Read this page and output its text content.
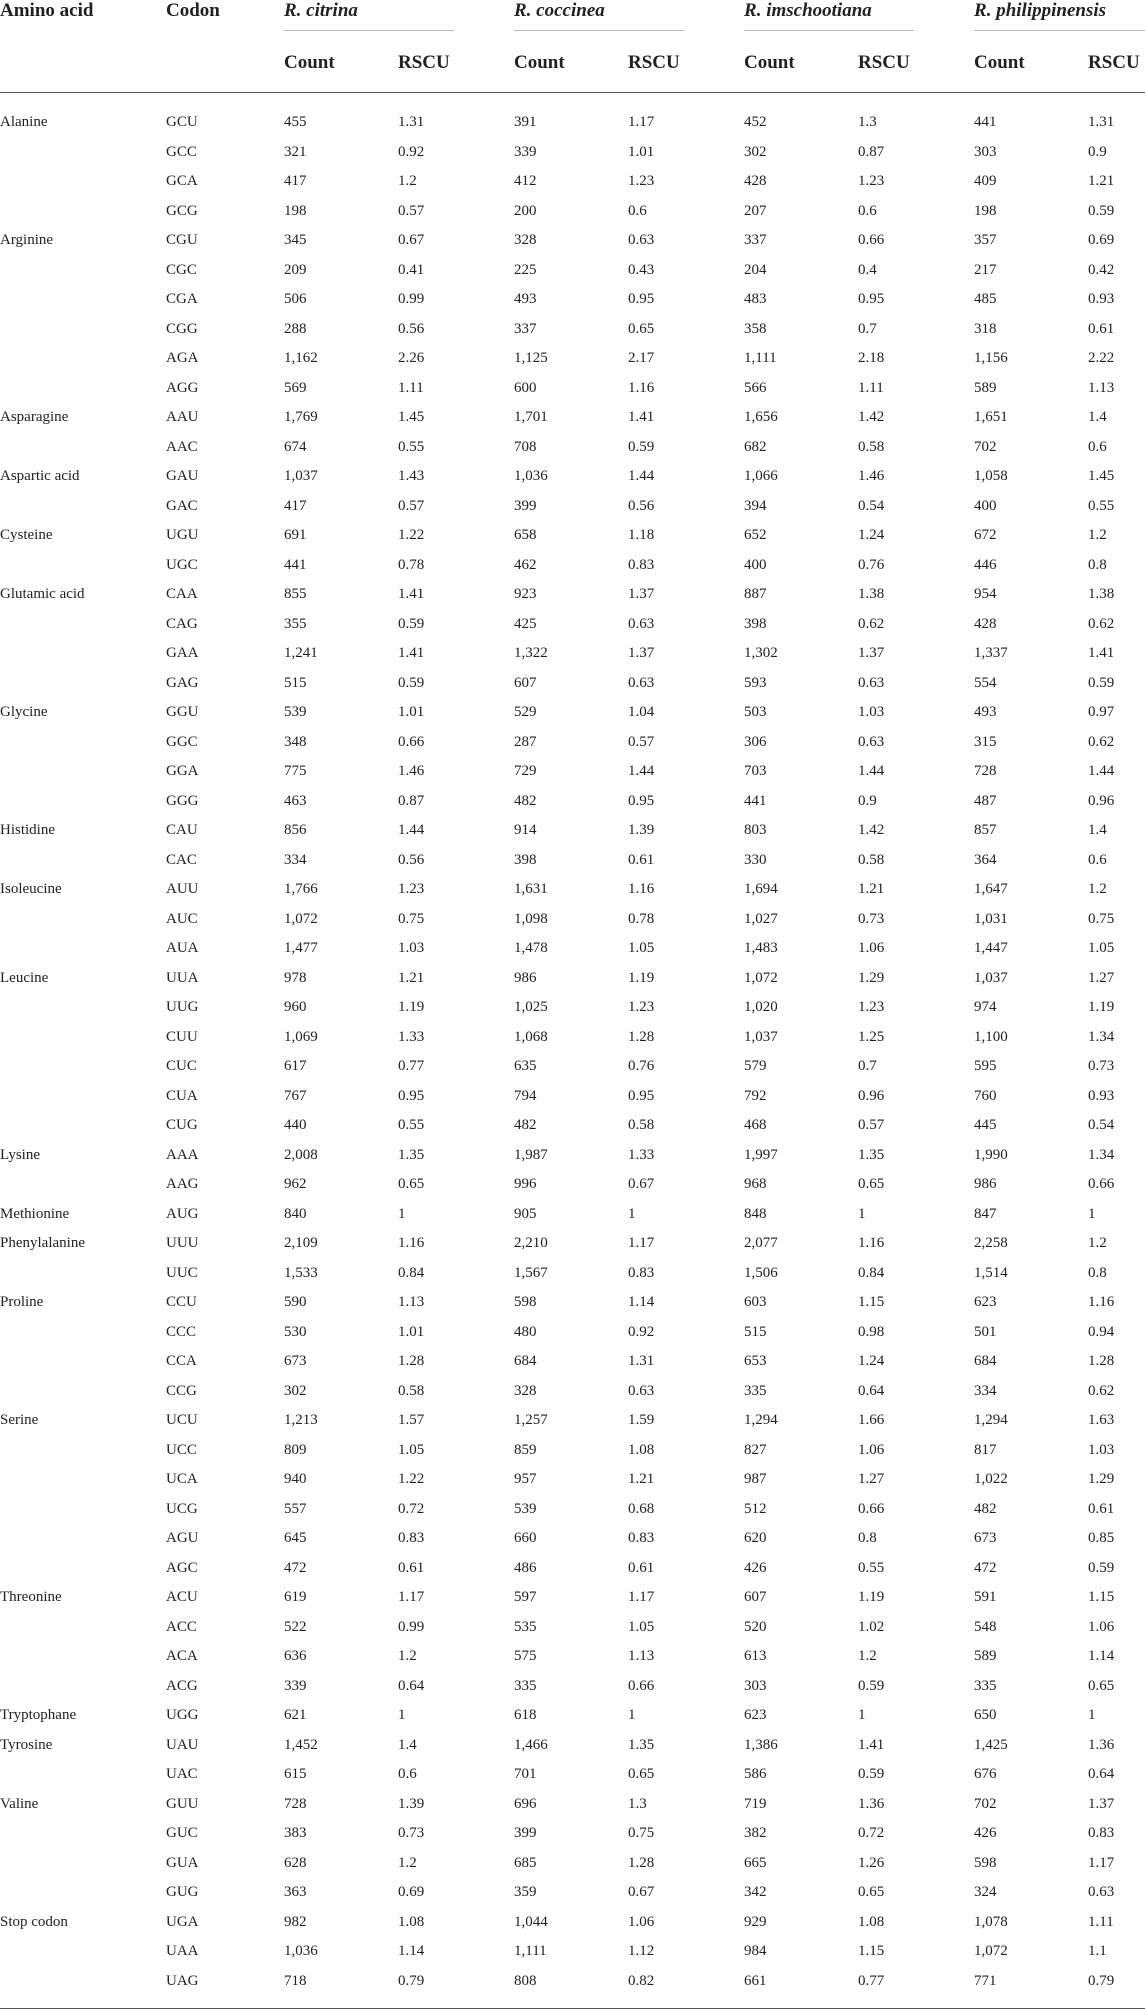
Amino acid	Codon	R. citrina		R. coccinea		R. imschootiana		R. philippinensis	

		Count	RSCU	Count	RSCU	Count	RSCU	Count	RSCU

Alanine	GCU	455	1.31	391	1.17	452	1.3	441	1.31
	GCC	321	0.92	339	1.01	302	0.87	303	0.9
	GCA	417	1.2	412	1.23	428	1.23	409	1.21
	GCG	198	0.57	200	0.6	207	0.6	198	0.59
Arginine	CGU	345	0.67	328	0.63	337	0.66	357	0.69
	CGC	209	0.41	225	0.43	204	0.4	217	0.42
	CGA	506	0.99	493	0.95	483	0.95	485	0.93
	CGG	288	0.56	337	0.65	358	0.7	318	0.61
	AGA	1,162	2.26	1,125	2.17	1,111	2.18	1,156	2.22
	AGG	569	1.11	600	1.16	566	1.11	589	1.13
Asparagine	AAU	1,769	1.45	1,701	1.41	1,656	1.42	1,651	1.4
	AAC	674	0.55	708	0.59	682	0.58	702	0.6
Aspartic acid	GAU	1,037	1.43	1,036	1.44	1,066	1.46	1,058	1.45
	GAC	417	0.57	399	0.56	394	0.54	400	0.55
Cysteine	UGU	691	1.22	658	1.18	652	1.24	672	1.2
	UGC	441	0.78	462	0.83	400	0.76	446	0.8
Glutamic acid	CAA	855	1.41	923	1.37	887	1.38	954	1.38
	CAG	355	0.59	425	0.63	398	0.62	428	0.62
	GAA	1,241	1.41	1,322	1.37	1,302	1.37	1,337	1.41
	GAG	515	0.59	607	0.63	593	0.63	554	0.59
Glycine	GGU	539	1.01	529	1.04	503	1.03	493	0.97
	GGC	348	0.66	287	0.57	306	0.63	315	0.62
	GGA	775	1.46	729	1.44	703	1.44	728	1.44
	GGG	463	0.87	482	0.95	441	0.9	487	0.96
Histidine	CAU	856	1.44	914	1.39	803	1.42	857	1.4
	CAC	334	0.56	398	0.61	330	0.58	364	0.6
Isoleucine	AUU	1,766	1.23	1,631	1.16	1,694	1.21	1,647	1.2
	AUC	1,072	0.75	1,098	0.78	1,027	0.73	1,031	0.75
	AUA	1,477	1.03	1,478	1.05	1,483	1.06	1,447	1.05
Leucine	UUA	978	1.21	986	1.19	1,072	1.29	1,037	1.27
	UUG	960	1.19	1,025	1.23	1,020	1.23	974	1.19
	CUU	1,069	1.33	1,068	1.28	1,037	1.25	1,100	1.34
	CUC	617	0.77	635	0.76	579	0.7	595	0.73
	CUA	767	0.95	794	0.95	792	0.96	760	0.93
	CUG	440	0.55	482	0.58	468	0.57	445	0.54
Lysine	AAA	2,008	1.35	1,987	1.33	1,997	1.35	1,990	1.34
	AAG	962	0.65	996	0.67	968	0.65	986	0.66
Methionine	AUG	840	1	905	1	848	1	847	1
Phenylalanine	UUU	2,109	1.16	2,210	1.17	2,077	1.16	2,258	1.2
	UUC	1,533	0.84	1,567	0.83	1,506	0.84	1,514	0.8
Proline	CCU	590	1.13	598	1.14	603	1.15	623	1.16
	CCC	530	1.01	480	0.92	515	0.98	501	0.94
	CCA	673	1.28	684	1.31	653	1.24	684	1.28
	CCG	302	0.58	328	0.63	335	0.64	334	0.62
Serine	UCU	1,213	1.57	1,257	1.59	1,294	1.66	1,294	1.63
	UCC	809	1.05	859	1.08	827	1.06	817	1.03
	UCA	940	1.22	957	1.21	987	1.27	1,022	1.29
	UCG	557	0.72	539	0.68	512	0.66	482	0.61
	AGU	645	0.83	660	0.83	620	0.8	673	0.85
	AGC	472	0.61	486	0.61	426	0.55	472	0.59
Threonine	ACU	619	1.17	597	1.17	607	1.19	591	1.15
	ACC	522	0.99	535	1.05	520	1.02	548	1.06
	ACA	636	1.2	575	1.13	613	1.2	589	1.14
	ACG	339	0.64	335	0.66	303	0.59	335	0.65
Tryptophane	UGG	621	1	618	1	623	1	650	1
Tyrosine	UAU	1,452	1.4	1,466	1.35	1,386	1.41	1,425	1.36
	UAC	615	0.6	701	0.65	586	0.59	676	0.64
Valine	GUU	728	1.39	696	1.3	719	1.36	702	1.37
	GUC	383	0.73	399	0.75	382	0.72	426	0.83
	GUA	628	1.2	685	1.28	665	1.26	598	1.17
	GUG	363	0.69	359	0.67	342	0.65	324	0.63
Stop codon	UGA	982	1.08	1,044	1.06	929	1.08	1,078	1.11
	UAA	1,036	1.14	1,111	1.12	984	1.15	1,072	1.1
	UAG	718	0.79	808	0.82	661	0.77	771	0.79
